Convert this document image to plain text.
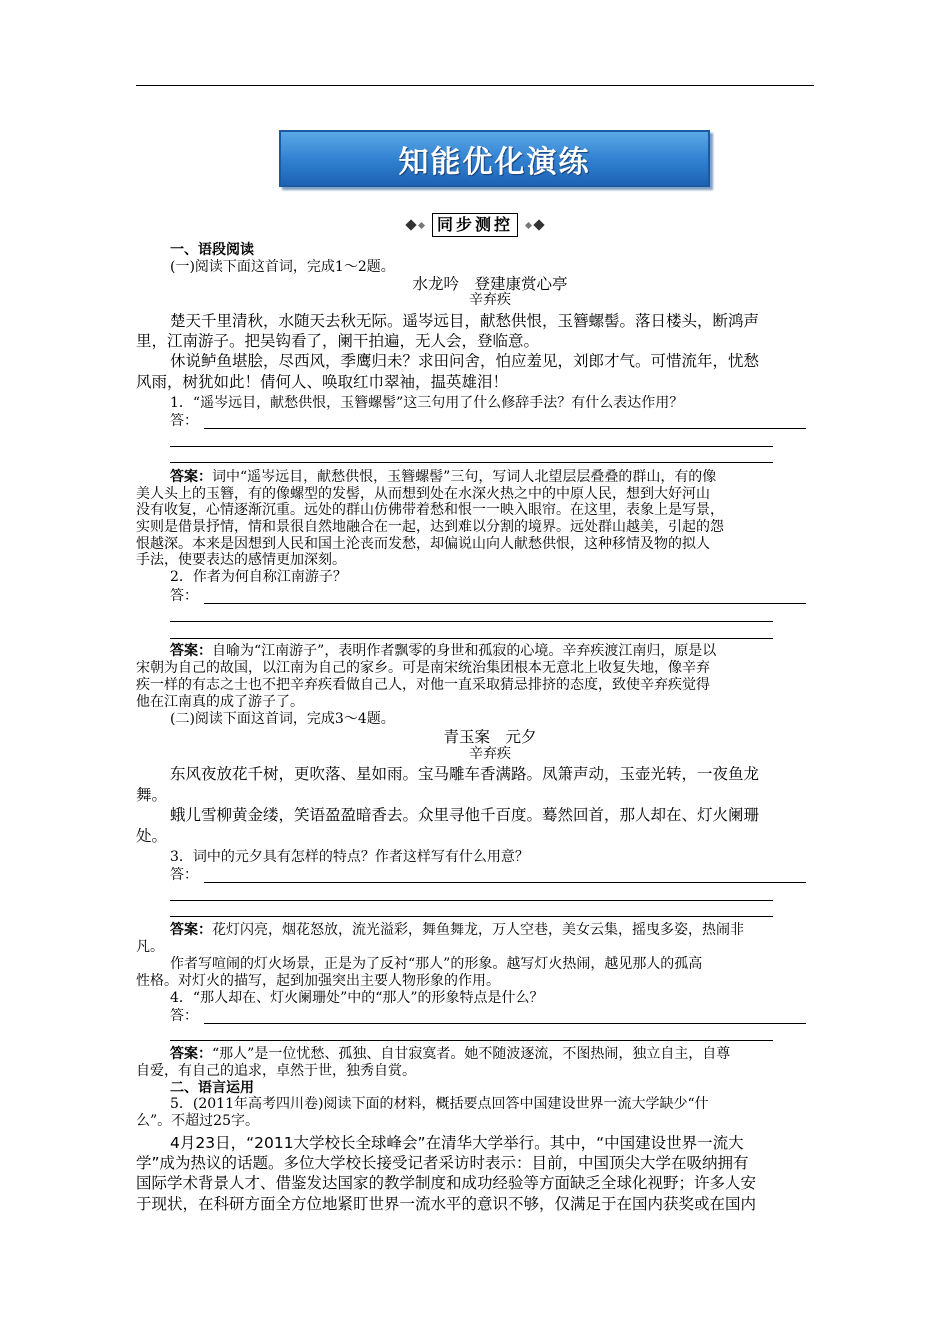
知能优化演练
同步测控
一、语段阅读
(一)阅读下面这首词，完成1～2题。
水龙吟　登建康赏心亭
辛弃疾
楚天千里清秋，水随天去秋无际。遥岑远目，献愁供恨，玉簪螺髻。落日楼头，断鸿声
里，江南游子。把吴钩看了，阑干拍遍，无人会，登临意。
休说鲈鱼堪脍，尽西风，季鹰归未？求田问舍，怕应羞见，刘郎才气。可惜流年，忧愁
风雨，树犹如此！倩何人、唤取红巾翠袖，揾英雄泪！
1．“遥岑远目，献愁供恨，玉簪螺髻”这三句用了什么修辞手法？有什么表达作用？
答：
答案：词中“遥岑远目，献愁供恨，玉簪螺髻”三句，写词人北望层层叠叠的群山，有的像
美人头上的玉簪，有的像螺型的发髻，从而想到处在水深火热之中的中原人民，想到大好河山
没有收复，心情逐渐沉重。远处的群山仿佛带着愁和恨一一映入眼帘。在这里，表象上是写景，
实则是借景抒情，情和景很自然地融合在一起，达到难以分割的境界。远处群山越美，引起的怨
恨越深。本来是因想到人民和国土沦丧而发愁，却偏说山向人献愁供恨，这种移情及物的拟人
手法，使要表达的感情更加深刻。
2．作者为何自称江南游子？
答：
答案：自喻为“江南游子”，表明作者飘零的身世和孤寂的心境。辛弃疾渡江南归，原是以
宋朝为自己的故国，以江南为自己的家乡。可是南宋统治集团根本无意北上收复失地，像辛弃
疾一样的有志之士也不把辛弃疾看做自己人，对他一直采取猜忌排挤的态度，致使辛弃疾觉得
他在江南真的成了游子了。
(二)阅读下面这首词，完成3～4题。
青玉案　元夕
辛弃疾
东风夜放花千树，更吹落、星如雨。宝马雕车香满路。凤箫声动，玉壶光转，一夜鱼龙
舞。
蛾儿雪柳黄金缕，笑语盈盈暗香去。众里寻他千百度。蓦然回首，那人却在、灯火阑珊
处。
3．词中的元夕具有怎样的特点？作者这样写有什么用意？
答：
答案：花灯闪亮，烟花怒放，流光溢彩，舞鱼舞龙，万人空巷，美女云集，摇曳多姿，热闹非
凡。
作者写喧闹的灯火场景，正是为了反衬“那人”的形象。越写灯火热闹，越见那人的孤高
性格。对灯火的描写，起到加强突出主要人物形象的作用。
4．“那人却在、灯火阑珊处”中的“那人”的形象特点是什么？
答：
答案：“那人”是一位忧愁、孤独、自甘寂寞者。她不随波逐流，不图热闹，独立自主，自尊
自爱，有自己的追求，卓然于世，独秀自赏。
二、语言运用
5．(2011年高考四川卷)阅读下面的材料，概括要点回答中国建设世界一流大学缺少“什
么”。不超过25字。
4月23日，“2011大学校长全球峰会”在清华大学举行。其中，“中国建设世界一流大
学”成为热议的话题。多位大学校长接受记者采访时表示：目前，中国顶尖大学在吸纳拥有
国际学术背景人才、借鉴发达国家的教学制度和成功经验等方面缺乏全球化视野；许多人安
于现状，在科研方面全方位地紧盯世界一流水平的意识不够，仅满足于在国内获奖或在国内
